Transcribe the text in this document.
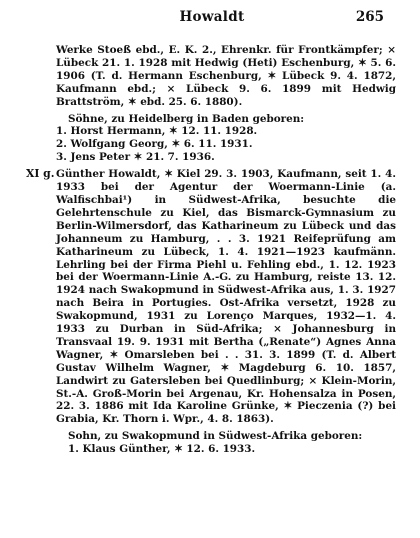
Howaldt	265

Werke Stoeß ebd., E. K. 2., Ehrenkr. für Frontkämpfer; × Lübeck 21. 1. 1928 mit Hedwig (Heti) Eschenburg, ✶ 5. 6. 1906 (T. d. Hermann Eschenburg, ✶ Lübeck 9. 4. 1872, Kaufmann ebd.; × Lübeck 9. 6. 1899 mit Hedwig Brattström, ✶ ebd. 25. 6. 1880).

Söhne, zu Heidelberg in Baden geboren:

1. Horst Hermann, ✶ 12. 11. 1928.
2. Wolfgang Georg, ✶ 6. 11. 1931.
3. Jens Peter ✶ 21. 7. 1936.
XI g. Günther Howaldt, ✶ Kiel 29. 3. 1903, Kaufmann, seit 1. 4. 1933 bei der Agentur der Woermann-Linie (a. Walfischbai¹) in Südwest-Afrika, besuchte die Gelehrtenschule zu Kiel, das Bismarck-Gymnasium zu Berlin-Wilmersdorf, das Katharineum zu Lübeck und das Johanneum zu Hamburg, . . 3. 1921 Reifeprüfung am Katharineum zu Lübeck, 1. 4. 1921—1923 kaufmänn. Lehrling bei der Firma Piehl u. Fehling ebd., 1. 12. 1923 bei der Woermann-Linie A.-G. zu Hamburg, reiste 13. 12. 1924 nach Swakopmund in Südwest-Afrika aus, 1. 3. 1927 nach Beira in Portugies. Ost-Afrika versetzt, 1928 zu Swakopmund, 1931 zu Lorenço Marques, 1932—1. 4. 1933 zu Durban in Süd-Afrika; × Johannesburg in Transvaal 19. 9. 1931 mit Bertha („Renate“) Agnes Anna Wagner, ✶ Omarsleben bei . . 31. 3. 1899 (T. d. Albert Gustav Wilhelm Wagner, ✶ Magdeburg 6. 10. 1857, Landwirt zu Gatersleben bei Quedlinburg; × Klein-Morin, St.-A. Groß-Morin bei Argenau, Kr. Hohensalza in Posen, 22. 3. 1886 mit Ida Karoline Grünke, ✶ Pieczenia (?) bei Grabia, Kr. Thorn i. Wpr., 4. 8. 1863).

Sohn, zu Swakopmund in Südwest-Afrika geboren:

1. Klaus Günther, ✶ 12. 6. 1933.
